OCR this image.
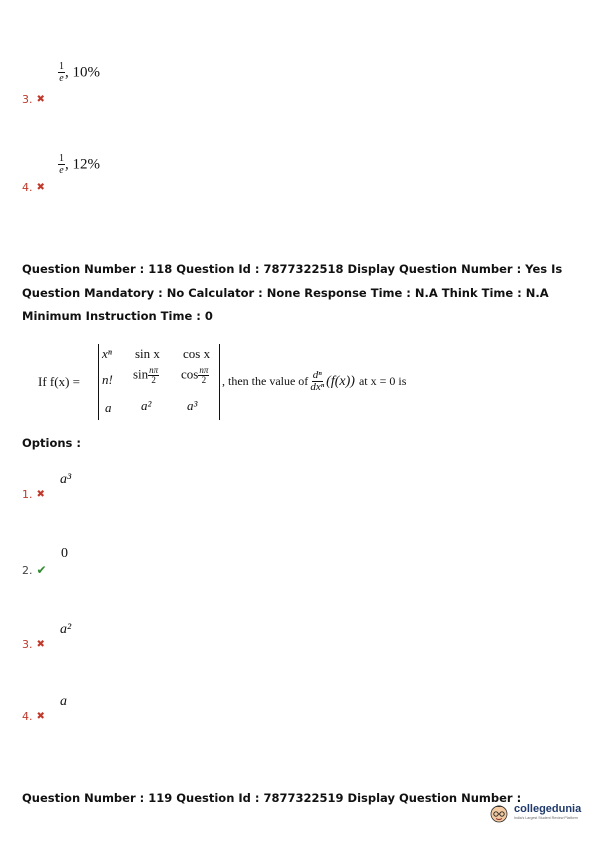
$\frac{1}{e}$ , 10%
3. ✖
$\frac{1}{e}$ , 12%
4. ✖
Question Number : 118 Question Id : 7877322518 Display Question Number : Yes Is Question Mandatory : No Calculator : None Response Time : N.A Think Time : N.A Minimum Instruction Time : 0
If f(x) =
xⁿ sin x cos x
n! $\sin \frac{n\pi}{2}$ $\cos \frac{n\pi}{2}$
a a²	a³
, then the value of dⁿ
dxⁿ (f(x)) at x = 0 is
Options :
a³
1. ✖
0
2. ✔
a²
3. ✖
a
4. ✖
Question Number : 119 Question Id : 7877322519 Display Question Number :
collegedunia
India's Largest Student Review Platform
